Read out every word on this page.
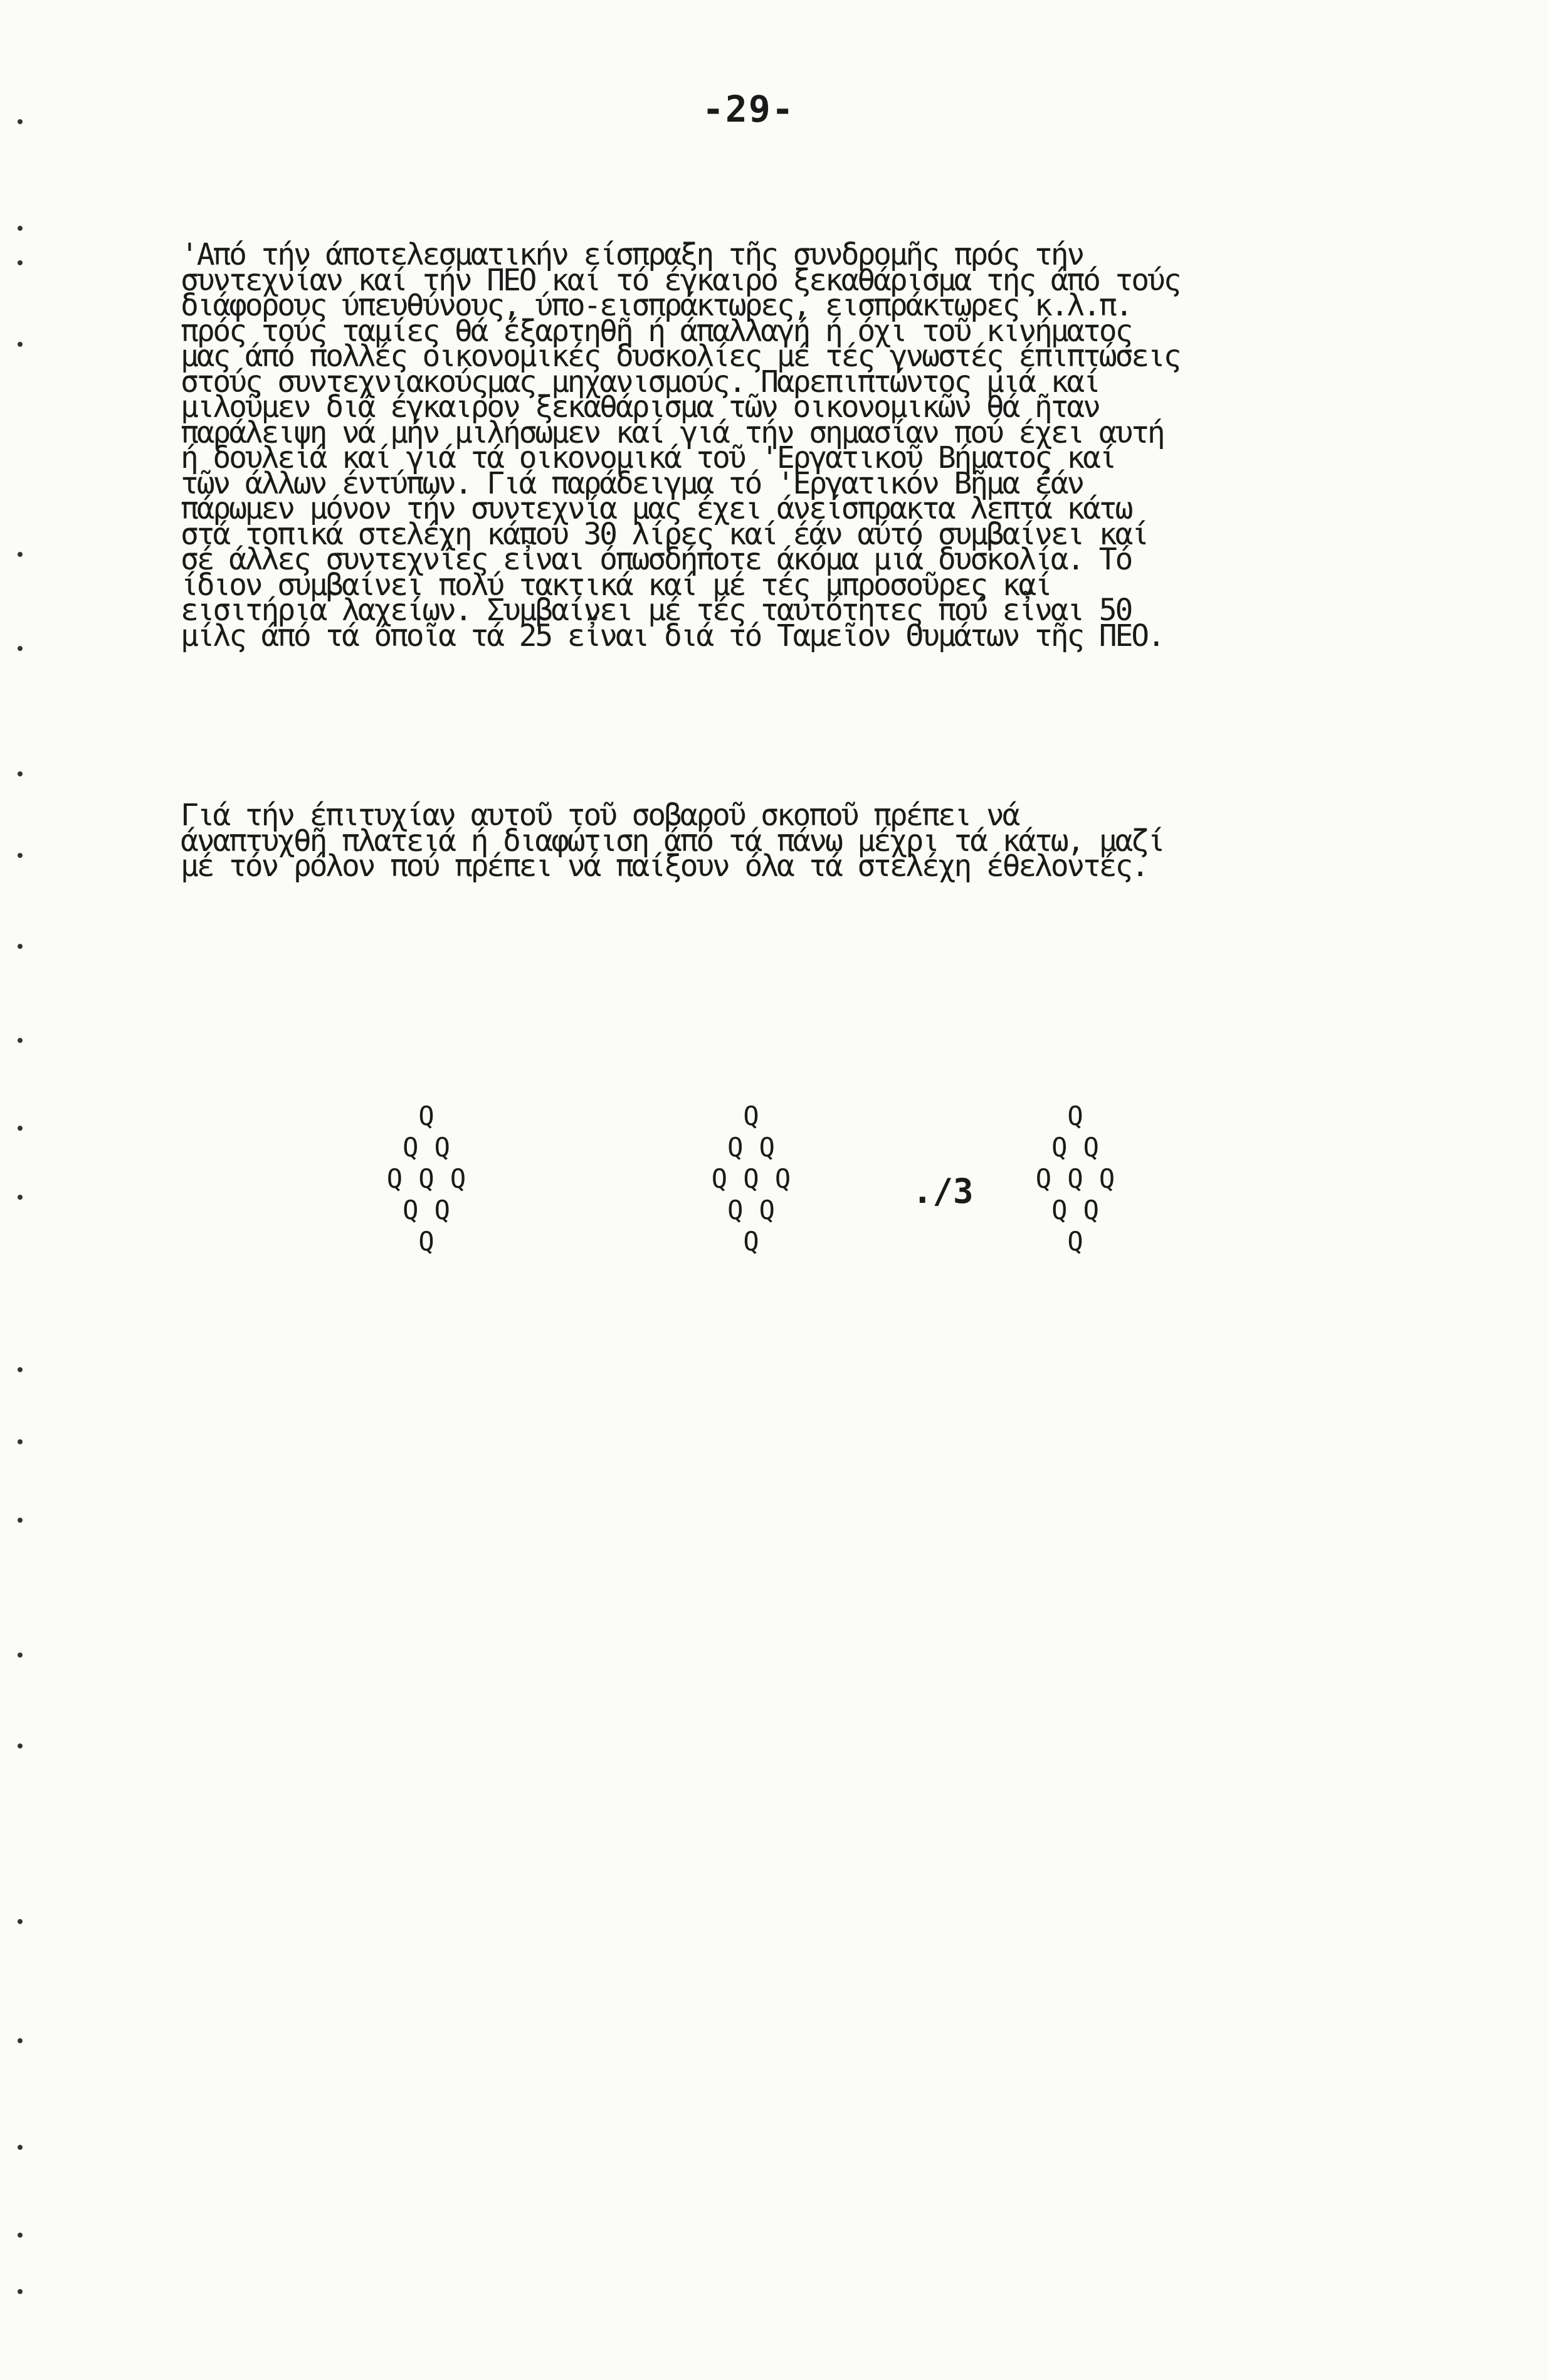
-29-
'Από τήν άποτελεσματικήν είσπραξη τῆς συνδρομῆς πρός τήν
συντεχνίαν καί τήν ΠΕΟ καί τό έγκαιρο ξεκαθάρισμα της άπό τούς
διάφορους ύπευθύνους, ύπο-εισπράκτωρες, εισπράκτωρες κ.λ.π.
πρός τούς ταμίες θά έξαρτηθῆ ή άπαλλαγή ή όχι τοῦ κινήματος
μας άπό πολλές οικονομικές δυσκολίες μέ τές γνωστές έπιπτώσεις
στούς συντεχνιακούςμας μηχανισμούς. Παρεπιπτώντος μιά καί
μιλοῦμεν διά έγκαιρον ξεκαθάρισμα τῶν οικονομικῶν θά ῆταν
παράλειψη νά μήν μιλήσωμεν καί γιά τήν σημασίαν πού έχει αυτή
ή δουλειά καί γιά τά οικονομικά τοῦ 'Εργατικοῦ Βήματος καί
τῶν άλλων έντύπων. Γιά παράδειγμα τό 'Εργατικόν Βῆμα έάν
πάρωμεν μόνον τήν συντεχνία μας έχει άνείσπρακτα λεπτά κάτω
στά τοπικά στελέχη κάπου 30 λίρες καί έάν αύτό συμβαίνει καί
σέ άλλες συντεχνίες εἶναι όπωσδήποτε άκόμα μιά δυσκολία. Τό
ίδιον συμβαίνει πολύ τακτικά καί μέ τές μπροσοῦρες καί
εισιτήρια λαχείων. Συμβαίνει μέ τές ταυτότητες πού εἶναι 50
μίλς άπό τά όποῖα τά 25 εἶναι διά τό Ταμεῖον Θυμάτων τῆς ΠΕΟ.
Γιά τήν έπιτυχίαν αυτοῦ τοῦ σοβαροῦ σκοποῦ πρέπει νά
άναπτυχθῆ πλατειά ή διαφώτιση άπό τά πάνω μέχρι τά κάτω, μαζί
μέ τόν ρόλον πού πρέπει νά παίξουν όλα τά στελέχη έθελοντές.
Q
Q Q
Q Q Q
Q Q
Q
Q
Q Q
Q Q Q
Q Q
Q
Q
Q Q
Q Q Q
Q Q
Q
./3
